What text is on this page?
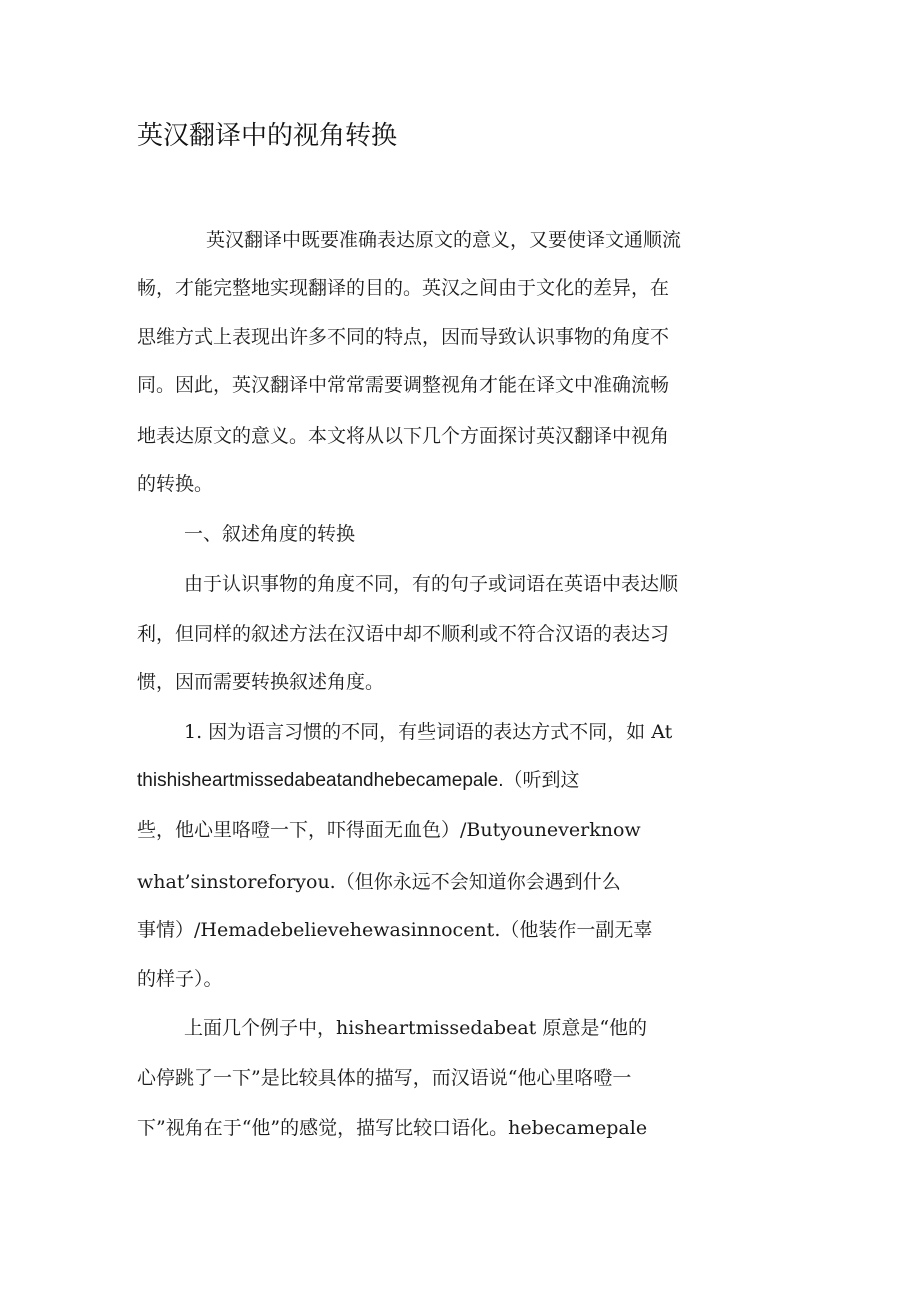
英汉翻译中的视角转换

英汉翻译中既要准确表达原文的意义，又要使译文通顺流

畅，才能完整地实现翻译的目的。英汉之间由于文化的差异，在

思维方式上表现出许多不同的特点，因而导致认识事物的角度不

同。因此，英汉翻译中常常需要调整视角才能在译文中准确流畅

地表达原文的意义。本文将从以下几个方面探讨英汉翻译中视角

的转换。

一、叙述角度的转换

由于认识事物的角度不同，有的句子或词语在英语中表达顺

利，但同样的叙述方法在汉语中却不顺利或不符合汉语的表达习

惯，因而需要转换叙述角度。

1. 因为语言习惯的不同，有些词语的表达方式不同，如 At

thishisheartmissedabeatandhebecamepale.（听到这

些，他心里咯噔一下，吓得面无血色）/Butyouneverknow

what’sinstoreforyou.（但你永远不会知道你会遇到什么

事情）/Hemadebelievehewasinnocent.（他装作一副无辜

的样子）。

上面几个例子中，hisheartmissedabeat 原意是“他的

心停跳了一下”是比较具体的描写，而汉语说“他心里咯噔一

下”视角在于“他”的感觉，描写比较口语化。hebecamepale
